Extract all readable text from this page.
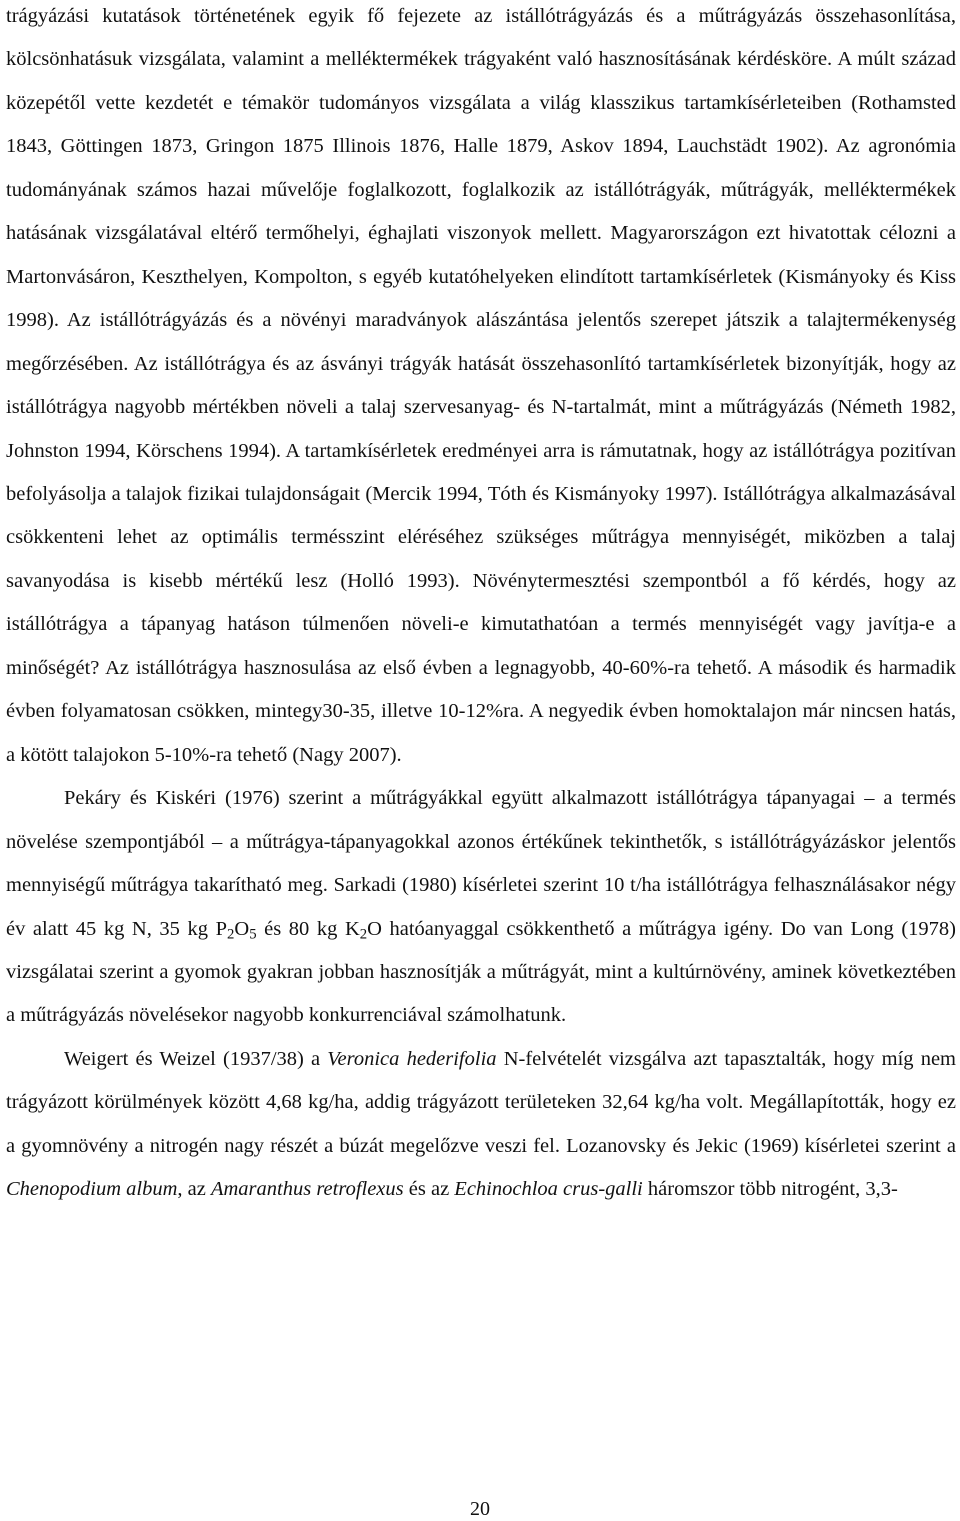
trágyázási kutatások történetének egyik fő fejezete az istállótrágyázás és a műtrágyázás összehasonlítása, kölcsönhatásuk vizsgálata, valamint a melléktermékek trágyaként való hasznosításának kérdésköre. A múlt század közepétől vette kezdetét e témakör tudományos vizsgálata a világ klasszikus tartamkísérleteiben (Rothamsted 1843, Göttingen 1873, Gringon 1875 Illinois 1876, Halle 1879, Askov 1894, Lauchstädt 1902). Az agronómia tudományának számos hazai művelője foglalkozott, foglalkozik az istállótrágyák, műtrágyák, melléktermékek hatásának vizsgálatával eltérő termőhelyi, éghajlati viszonyok mellett. Magyarországon ezt hivatottak célozni a Martonvásáron, Keszthelyen, Kompolton, s egyéb kutatóhelyeken elindított tartamkísérletek (Kismányoky és Kiss 1998). Az istállótrágyázás és a növényi maradványok alászántása jelentős szerepet játszik a talajtermékenység megőrzésében. Az istállótrágya és az ásványi trágyák hatását összehasonlító tartamkísérletek bizonyítják, hogy az istállótrágya nagyobb mértékben növeli a talaj szervesanyag- és N-tartalmát, mint a műtrágyázás (Németh 1982, Johnston 1994, Körschens 1994). A tartamkísérletek eredményei arra is rámutatnak, hogy az istállótrágya pozitívan befolyásolja a talajok fizikai tulajdonságait (Mercik 1994, Tóth és Kismányoky 1997). Istállótrágya alkalmazásával csökkenteni lehet az optimális termésszint eléréséhez szükséges műtrágya mennyiségét, miközben a talaj savanyodása is kisebb mértékű lesz (Holló 1993). Növénytermesztési szempontból a fő kérdés, hogy az istállótrágya a tápanyag hatáson túlmenően növeli-e kimutathatóan a termés mennyiségét vagy javítja-e a minőségét? Az istállótrágya hasznosulása az első évben a legnagyobb, 40-60%-ra tehető. A második és harmadik évben folyamatosan csökken, mintegy30-35, illetve 10-12%ra. A negyedik évben homoktalajon már nincsen hatás, a kötött talajokon 5-10%-ra tehető (Nagy 2007).

Pekáry és Kiskéri (1976) szerint a műtrágyákkal együtt alkalmazott istállótrágya tápanyagai – a termés növelése szempontjából – a műtrágya-tápanyagokkal azonos értékűnek tekinthetők, s istállótrágyázáskor jelentős mennyiségű műtrágya takarítható meg. Sarkadi (1980) kísérletei szerint 10 t/ha istállótrágya felhasználásakor négy év alatt 45 kg N, 35 kg $P_2O_5$ és 80 kg $K_2O$ hatóanyaggal csökkenthető a műtrágya igény. Do van Long (1978) vizsgálatai szerint a gyomok gyakran jobban hasznosítják a műtrágyát, mint a kultúrnövény, aminek következtében a műtrágyázás növelésekor nagyobb konkurrenciával számolhatunk.

Weigert és Weizel (1937/38) a Veronica hederifolia N-felvételét vizsgálva azt tapasztalták, hogy míg nem trágyázott körülmények között 4,68 kg/ha, addig trágyázott területeken 32,64 kg/ha volt. Megállapították, hogy ez a gyomnövény a nitrogén nagy részét a búzát megelőzve veszi fel. Lozanovsky és Jekic (1969) kísérletei szerint a Chenopodium album, az Amaranthus retroflexus és az Echinochloa crus-galli háromszor több nitrogént, 3,3-

20
